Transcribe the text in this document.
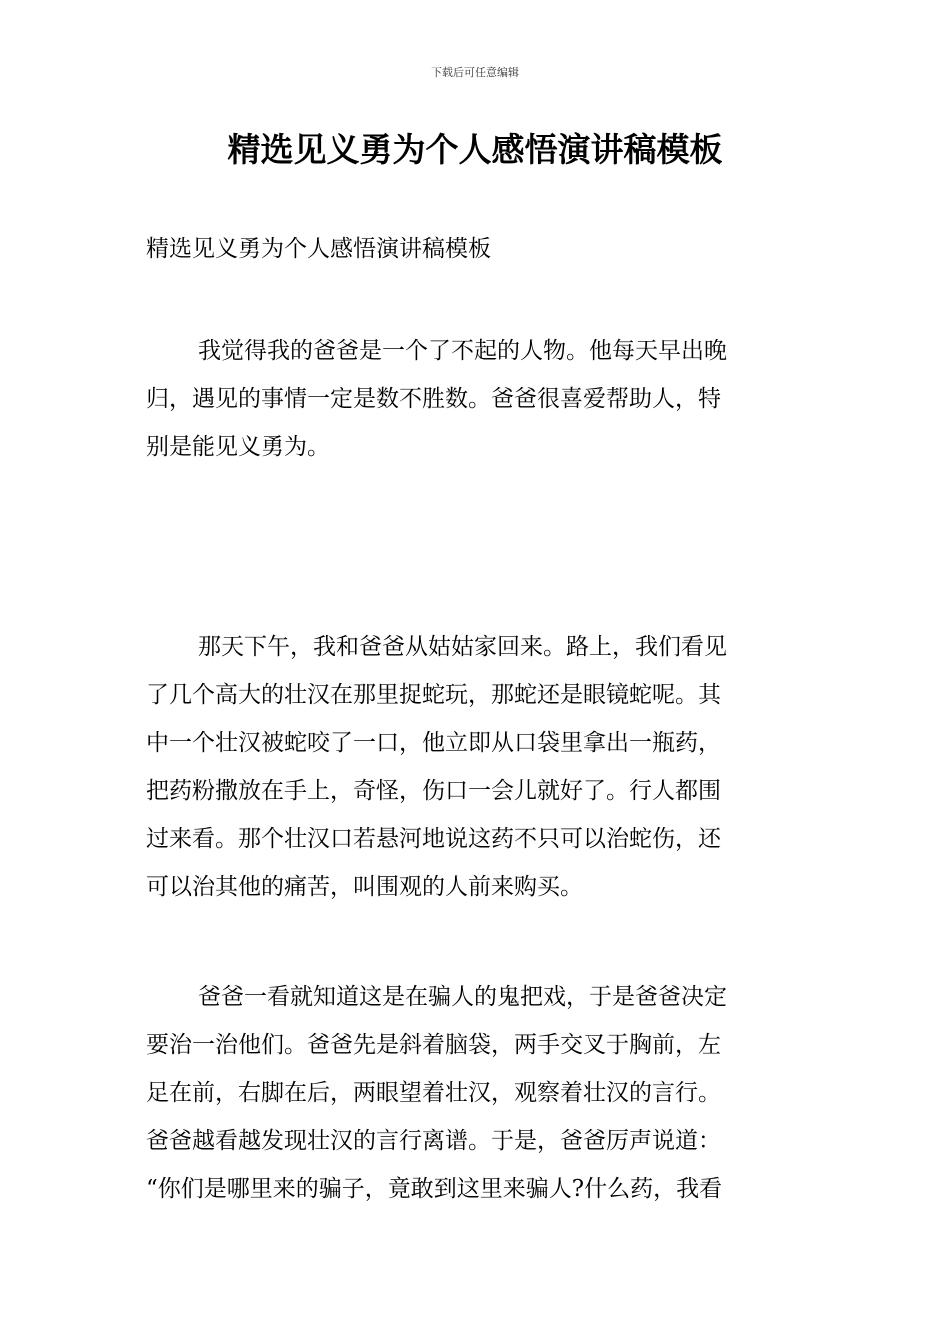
下载后可任意编辑
精选见义勇为个人感悟演讲稿模板
精选见义勇为个人感悟演讲稿模板
我觉得我的爸爸是一个了不起的人物。他每天早出晚
归，遇见的事情一定是数不胜数。爸爸很喜爱帮助人，特
别是能见义勇为。
那天下午，我和爸爸从姑姑家回来。路上，我们看见
了几个高大的壮汉在那里捉蛇玩，那蛇还是眼镜蛇呢。其
中一个壮汉被蛇咬了一口，他立即从口袋里拿出一瓶药，
把药粉撒放在手上，奇怪，伤口一会儿就好了。行人都围
过来看。那个壮汉口若悬河地说这药不只可以治蛇伤，还
可以治其他的痛苦，叫围观的人前来购买。
爸爸一看就知道这是在骗人的鬼把戏，于是爸爸决定
要治一治他们。爸爸先是斜着脑袋，两手交叉于胸前，左
足在前，右脚在后，两眼望着壮汉，观察着壮汉的言行。
爸爸越看越发现壮汉的言行离谱。于是，爸爸厉声说道：
“你们是哪里来的骗子，竟敢到这里来骗人?什么药，我看
